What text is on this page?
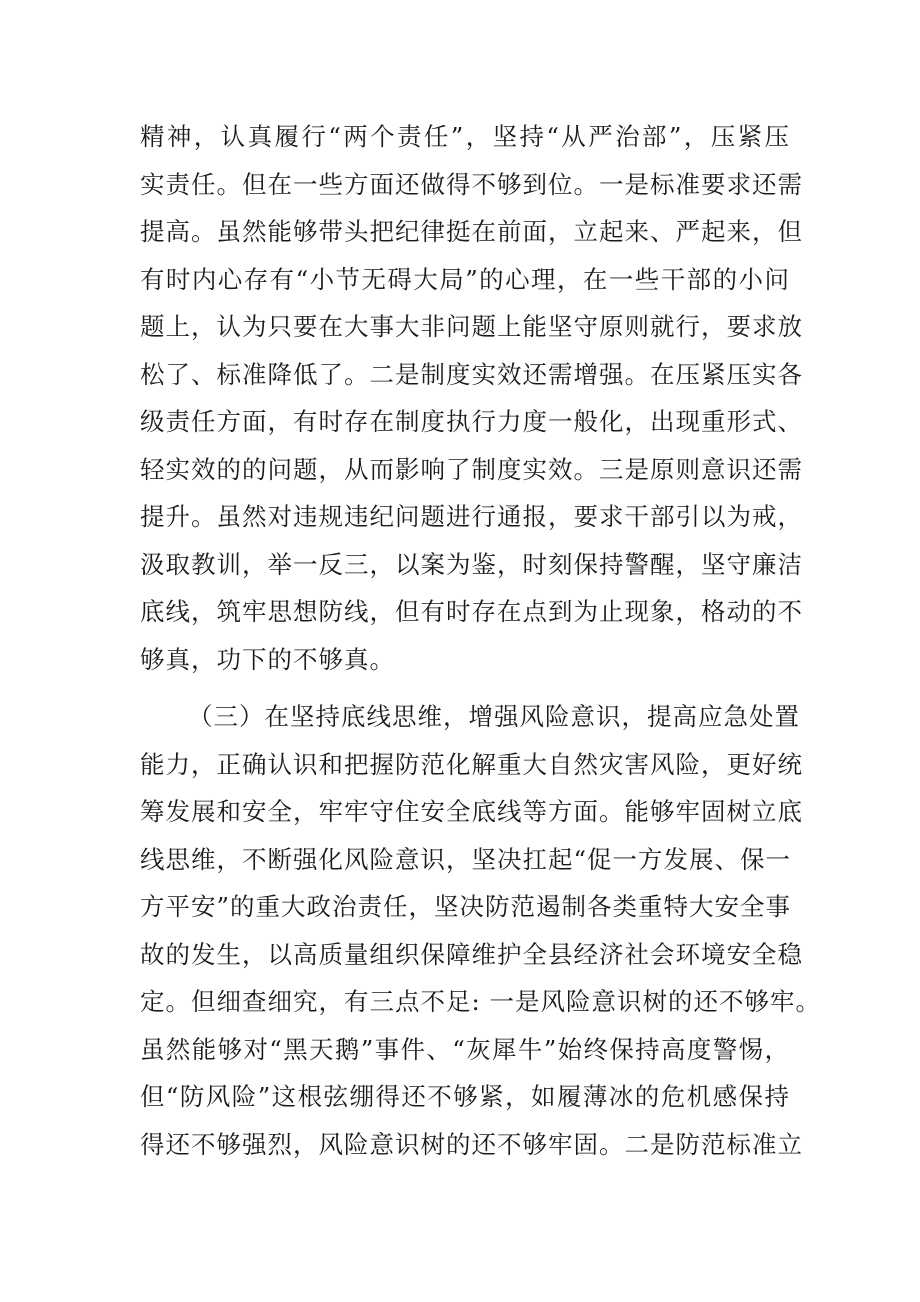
精神，认真履行“两个责任”，坚持“从严治部”，压紧压
实责任。但在一些方面还做得不够到位。一是标准要求还需
提高。虽然能够带头把纪律挺在前面，立起来、严起来，但
有时内心存有“小节无碍大局”的心理，在一些干部的小问
题上，认为只要在大事大非问题上能坚守原则就行，要求放
松了、标准降低了。二是制度实效还需增强。在压紧压实各
级责任方面，有时存在制度执行力度一般化，出现重形式、
轻实效的的问题，从而影响了制度实效。三是原则意识还需
提升。虽然对违规违纪问题进行通报，要求干部引以为戒，
汲取教训，举一反三，以案为鉴，时刻保持警醒，坚守廉洁
底线，筑牢思想防线，但有时存在点到为止现象，格动的不
够真，功下的不够真。
（三）在坚持底线思维，增强风险意识，提高应急处置
能力，正确认识和把握防范化解重大自然灾害风险，更好统
筹发展和安全，牢牢守住安全底线等方面。能够牢固树立底
线思维，不断强化风险意识，坚决扛起“促一方发展、保一
方平安”的重大政治责任，坚决防范遏制各类重特大安全事
故的发生，以高质量组织保障维护全县经济社会环境安全稳
定。但细查细究，有三点不足: 一是风险意识树的还不够牢。
虽然能够对“黑天鹅”事件、“灰犀牛”始终保持高度警惕，
但“防风险”这根弦绷得还不够紧，如履薄冰的危机感保持
得还不够强烈，风险意识树的还不够牢固。二是防范标准立
